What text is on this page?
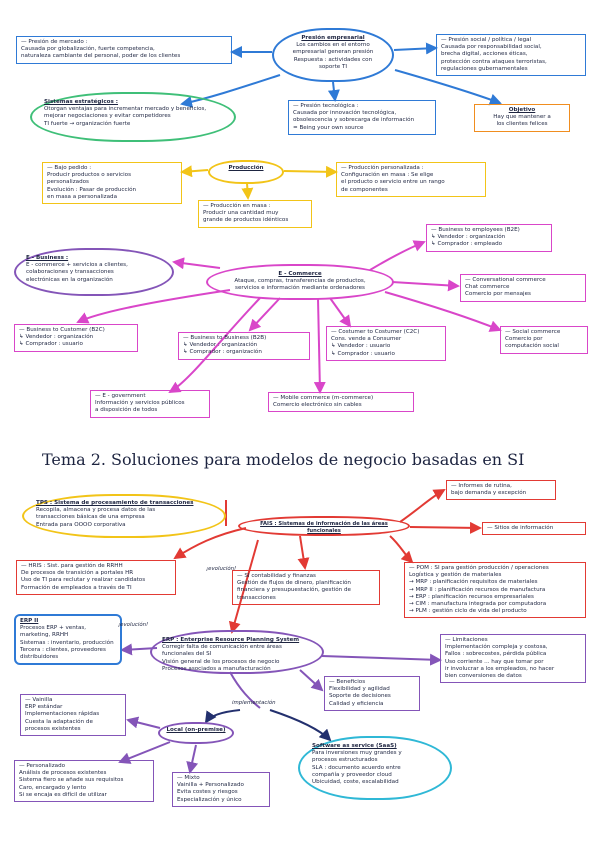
Presión empresarial
Los cambios en el entorno
empresarial generan presión
Respuesta : actividades con
soporte TI
— Presión de mercado :
Causada por globalización, fuerte competencia,
naturaleza cambiante del personal, poder de los clientes
— Presión social / política / legal
Causada por responsabilidad social,
brecha digital, acciones éticas,
protección contra ataques terroristas,
regulaciones gubernamentales
Sistemas estratégicos :
Otorgan ventajas para incrementar mercado y beneficios,
mejorar negociaciones y evitar competidores
TI fuerte → organización fuerte
— Presión tecnológica :
Causada por innovación tecnológica,
obsolescencia y sobrecarga de información
= Being your own source
Objetivo
Hay que mantener a
los clientes felices
Producción
— Bajo pedido :
Producir productos o servicios
personalizados
Evolución : Pasar de producción
en masa a personalizada
— Producción personalizada :
Configuración en masa : Se elige
el producto o servicio entre un rango
de componentes
— Producción en masa :
Producir una cantidad muy
grande de productos idénticos
— Business to employees (B2E)
↳ Vendedor : organización
↳ Comprador : empleado
E - Business :
E - commerce + servicios a clientes,
colaboraciones y transacciones
electrónicas en la organización
E - Commerce
Ataque, compras, transferencias de productos,
servicios e información mediante ordenadores
— Conversational commerce
Chat commerce
Comercio por mensajes
— Business to Customer (B2C)
↳ Vendedor : organización
↳ Comprador : usuario
— Business to Business (B2B)
↳ Vendedor : organización
↳ Comprador : organización
— Costumer to Costumer (C2C)
Cons. vende a Consumer
↳ Vendedor : usuario
↳ Comprador : usuario
— Social commerce
Comercio por
computación social
— E - government
Información y servicios públicos
a disposición de todos
— Mobile commerce (m-commerce)
Comercio electrónico sin cables
Tema 2. Soluciones para modelos de negocio basadas en SI
TPS : Sistema de procesamiento de transacciones
Recopila, almacena y procesa datos de las
transacciones básicas de una empresa
Entrada para OOOO corporativa	FAIS : Sistemas de información de las áreas funcionales
— Informes de rutina,
bajo demanda y excepción
— Sitios de información
— HRIS : Sist. para gestión de RRHH
De procesos de transición a portales HR
Uso de TI para reclutar y realizar candidatos
Formación de empleados a través de TI
— SI contabilidad y finanzas
Gestión de flujos de dinero, planificación
financiera y presupuestación, gestión de
transacciones
— POM : SI para gestión producción / operaciones
Logística y gestión de materiales
→ MRP : planificación requisitos de materiales
→ MRP II : planificación recursos de manufactura
→ ERP : planificación recursos empresariales
→ CIM : manufactura integrada por computadora
→ PLM : gestión ciclo de vida del producto
ERP II
Procesos ERP + ventas,
marketing, RRHH
Sistemas : inventario, producción
Tercera : clientes, proveedores
distribuidores
ERP : Enterprise Resource Planning System
Corregir falta de comunicación entre áreas
funcionales del SI
Visión general de los procesos de negocio
Procesos asociados a manufacturación
— Limitaciones
Implementación compleja y costosa,
Fallos : sobrecostes, pérdida pública
Uso corriente ... hay que tomar por
ir involucrar a los empleados, no hacer
bien conversiones de datos
— Beneficios
Flexibilidad y agilidad
Soporte de decisiones
Calidad y eficiencia
— Vainilla
ERP estándar
Implementaciones rápidas
Cuesta la adaptación de
procesos existentes	Local (on-premise)
Software as service (SaaS)
Para inversiones muy grandes y
procesos estructurados
SLA : documento acuerdo entre
compañía y proveedor cloud
Ubicuidad, coste, escalabilidad
— Personalizado
Análisis de procesos existentes
Sistema fiero se añade sus requisitos
Caro, encargado y lento
Si se encaja es difícil de utilizar
— Mixto
Vainilla + Personalizado
Evita costes y riesgos
Especialización y único
¡evolución!
¡evolución!
implementación
